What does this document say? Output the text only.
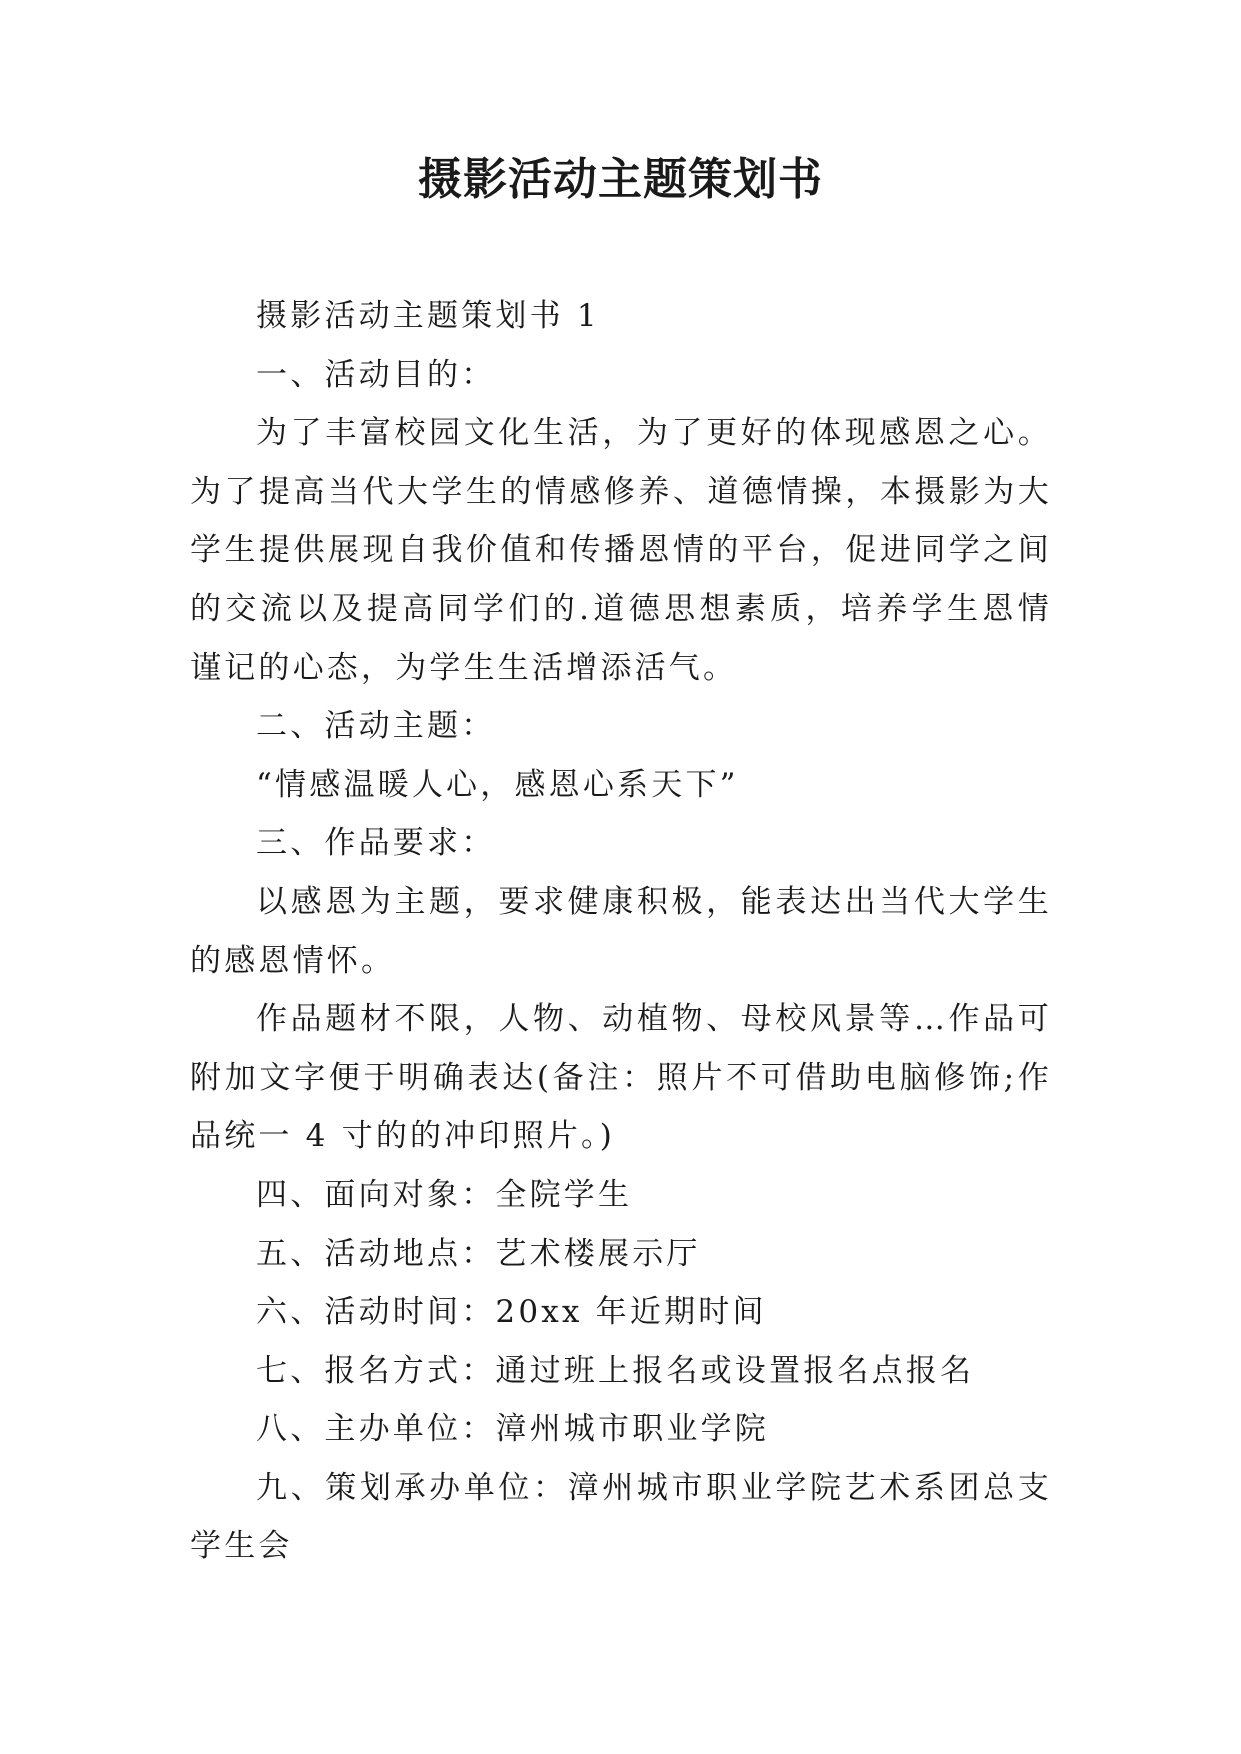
摄影活动主题策划书

摄影活动主题策划书 1

一、活动目的：

为了丰富校园文化生活，为了更好的体现感恩之心。为了提高当代大学生的情感修养、道德情操，本摄影为大学生提供展现自我价值和传播恩情的平台，促进同学之间的交流以及提高同学们的.道德思想素质，培养学生恩情谨记的心态，为学生生活增添活气。

二、活动主题：

“情感温暖人心，感恩心系天下”

三、作品要求：

以感恩为主题，要求健康积极，能表达出当代大学生的感恩情怀。

作品题材不限，人物、动植物、母校风景等…作品可附加文字便于明确表达(备注：照片不可借助电脑修饰;作品统一 4 寸的的冲印照片。)

四、面向对象：全院学生

五、活动地点：艺术楼展示厅

六、活动时间：20xx 年近期时间

七、报名方式：通过班上报名或设置报名点报名

八、主办单位：漳州城市职业学院

九、策划承办单位：漳州城市职业学院艺术系团总支学生会
